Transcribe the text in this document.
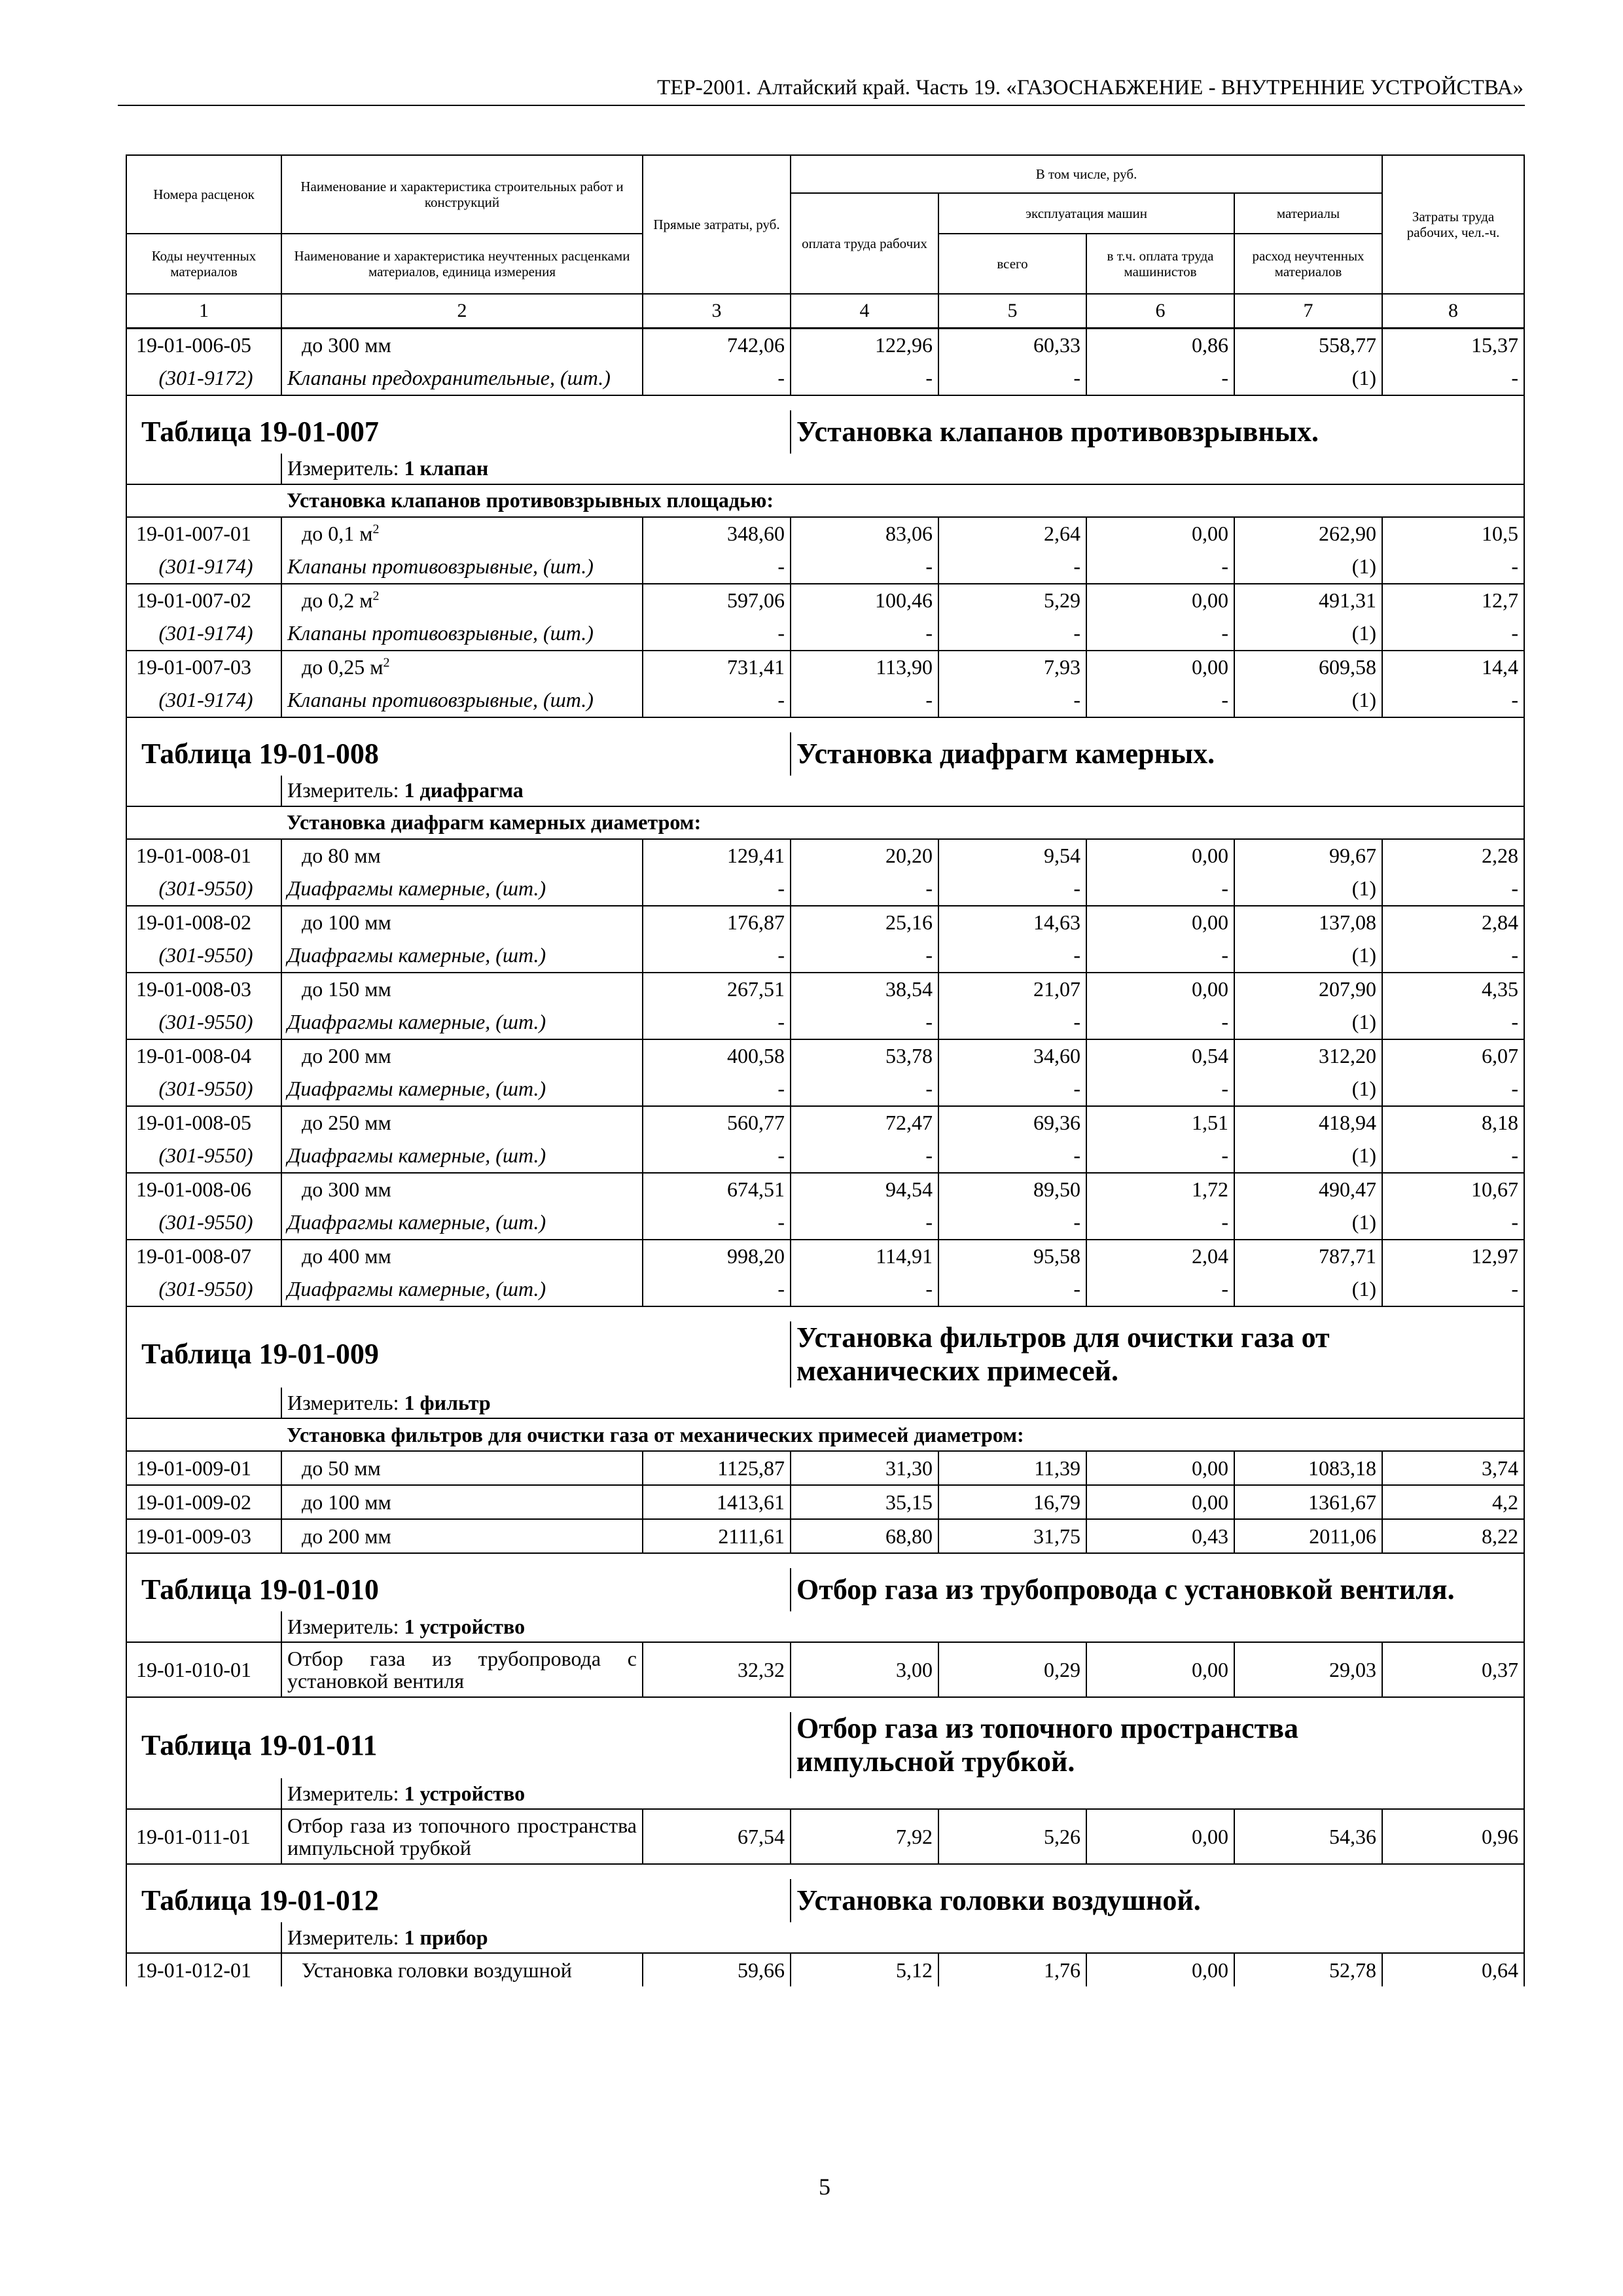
ТЕР-2001. Алтайский край. Часть 19. «ГАЗОСНАБЖЕНИЕ - ВНУТРЕННИЕ УСТРОЙСТВА»
Номера расценок	Наименование и характеристика строительных работ и конструкций	Прямые затраты, руб.	В том числе, руб.				Затраты труда рабочих, чел.-ч.
			оплата труда рабочих	эксплуатация машин		материалы	
Коды неучтенных материалов	Наименование и характеристика неучтенных расценками материалов, единица измерения			всего	в т.ч. оплата труда машинистов	расход неучтенных материалов	
1	2	3	4	5	6	7	8
19-01-006-05	до 300 мм	742,06	122,96	60,33	0,86	558,77	15,37
(301-9172)	Клапаны предохранительные, (шт.)	-	-	-	-	(1)	-

Таблица 19-01-007			Установка клапанов противовзрывных.				
	Измеритель: 1 клапан						
	Установка клапанов противовзрывных площадью:						
19-01-007-01	до 0,1 $м^2$	348,60	83,06	2,64	0,00	262,90	10,5
(301-9174)	Клапаны противовзрывные, (шт.)	-	-	-	-	(1)	-
19-01-007-02	до 0,2 $м^2$	597,06	100,46	5,29	0,00	491,31	12,7
(301-9174)	Клапаны противовзрывные, (шт.)	-	-	-	-	(1)	-
19-01-007-03	до 0,25 $м^2$	731,41	113,90	7,93	0,00	609,58	14,4
(301-9174)	Клапаны противовзрывные, (шт.)	-	-	-	-	(1)	-

Таблица 19-01-008			Установка диафрагм камерных.				
	Измеритель: 1 диафрагма						
	Установка диафрагм камерных диаметром:						
19-01-008-01	до 80 мм	129,41	20,20	9,54	0,00	99,67	2,28
(301-9550)	Диафрагмы камерные, (шт.)	-	-	-	-	(1)	-
19-01-008-02	до 100 мм	176,87	25,16	14,63	0,00	137,08	2,84
(301-9550)	Диафрагмы камерные, (шт.)	-	-	-	-	(1)	-
19-01-008-03	до 150 мм	267,51	38,54	21,07	0,00	207,90	4,35
(301-9550)	Диафрагмы камерные, (шт.)	-	-	-	-	(1)	-
19-01-008-04	до 200 мм	400,58	53,78	34,60	0,54	312,20	6,07
(301-9550)	Диафрагмы камерные, (шт.)	-	-	-	-	(1)	-
19-01-008-05	до 250 мм	560,77	72,47	69,36	1,51	418,94	8,18
(301-9550)	Диафрагмы камерные, (шт.)	-	-	-	-	(1)	-
19-01-008-06	до 300 мм	674,51	94,54	89,50	1,72	490,47	10,67
(301-9550)	Диафрагмы камерные, (шт.)	-	-	-	-	(1)	-
19-01-008-07	до 400 мм	998,20	114,91	95,58	2,04	787,71	12,97
(301-9550)	Диафрагмы камерные, (шт.)	-	-	-	-	(1)	-

Таблица 19-01-009			Установка фильтров для очистки газа от механических примесей.				
	Измеритель: 1 фильтр						
	Установка фильтров для очистки газа от механических примесей диаметром:						
19-01-009-01	до 50 мм	1125,87	31,30	11,39	0,00	1083,18	3,74
19-01-009-02	до 100 мм	1413,61	35,15	16,79	0,00	1361,67	4,2
19-01-009-03	до 200 мм	2111,61	68,80	31,75	0,43	2011,06	8,22

Таблица 19-01-010			Отбор газа из трубопровода с установкой вентиля.				
	Измеритель: 1 устройство						
19-01-010-01	Отбор газа из трубопровода с установкой вентиля	32,32	3,00	0,29	0,00	29,03	0,37

Таблица 19-01-011			Отбор газа из топочного пространства импульсной трубкой.				
	Измеритель: 1 устройство						
19-01-011-01	Отбор газа из топочного пространства импульсной трубкой	67,54	7,92	5,26	0,00	54,36	0,96

Таблица 19-01-012			Установка головки воздушной.				
	Измеритель: 1 прибор						
19-01-012-01	Установка головки воздушной	59,66	5,12	1,76	0,00	52,78	0,64
5
